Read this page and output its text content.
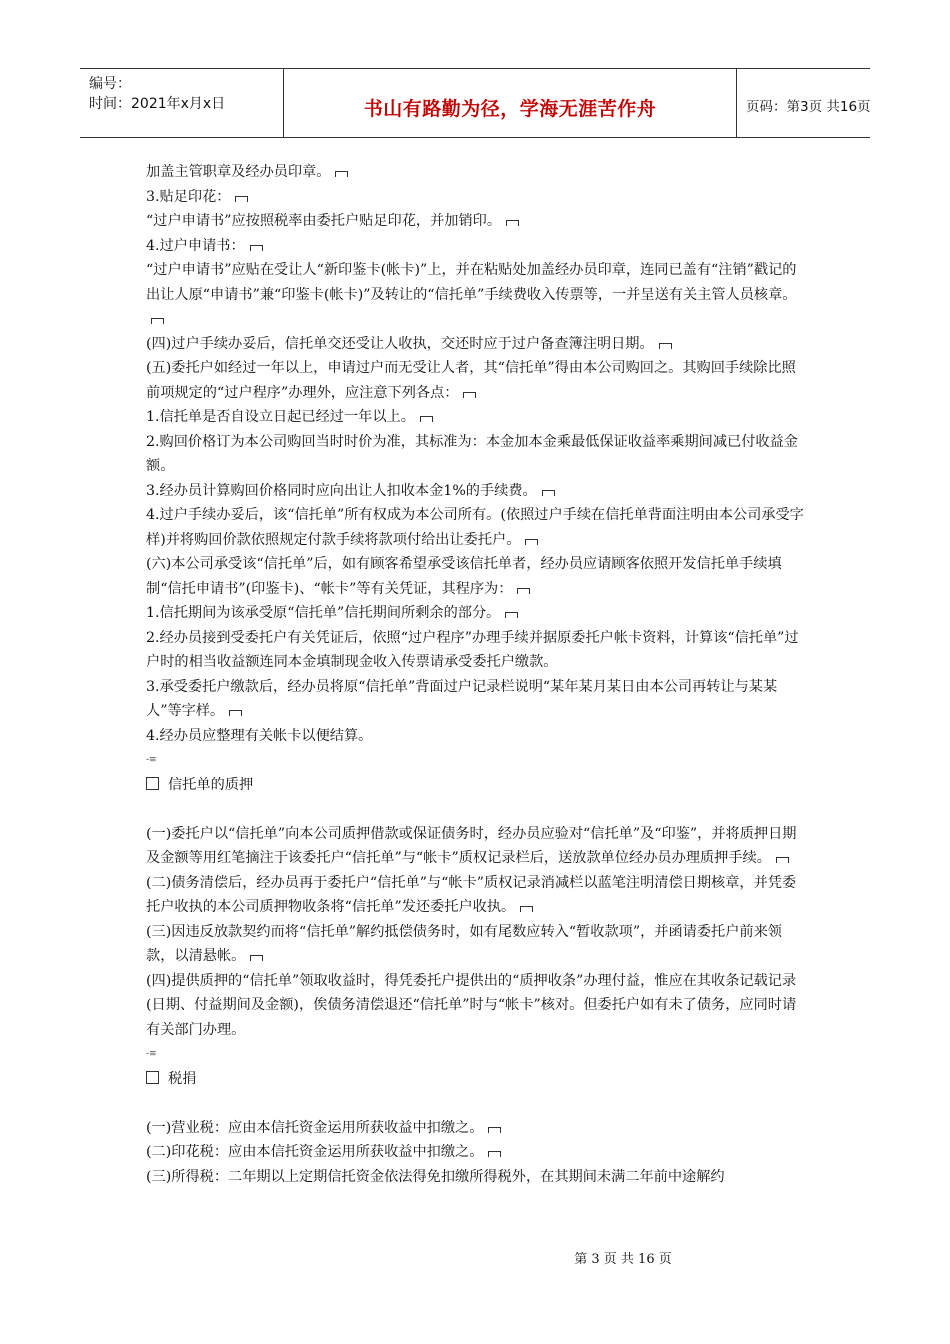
编号：
时间：2021年x月x日	书山有路勤为径，学海无涯苦作舟	页码：第3页 共16页

加盖主管职章及经办员印章。

3.贴足印花：

“过户申请书”应按照税率由委托户贴足印花，并加销印。

4.过户申请书：

“过户申请书”应贴在受让人“新印鉴卡(帐卡)”上，并在粘贴处加盖经办员印章，连同已盖有“注销”戳记的出让人原“申请书”兼“印鉴卡(帐卡)”及转让的“信托单”手续费收入传票等，一并呈送有关主管人员核章。

(四)过户手续办妥后，信托单交还受让人收执，交还时应于过户备查簿注明日期。

(五)委托户如经过一年以上，申请过户而无受让人者，其“信托单”得由本公司购回之。其购回手续除比照前项规定的“过户程序”办理外，应注意下列各点：

1.信托单是否自设立日起已经过一年以上。

2.购回价格订为本公司购回当时时价为准，其标准为：本金加本金乘最低保证收益率乘期间减已付收益金额。

3.经办员计算购回价格同时应向出让人扣收本金1%的手续费。

4.过户手续办妥后，该“信托单”所有权成为本公司所有。(依照过户手续在信托单背面注明由本公司承受字样)并将购回价款依照规定付款手续将款项付给出让委托户。

(六)本公司承受该“信托单”后，如有顾客希望承受该信托单者，经办员应请顾客依照开发信托单手续填制“信托申请书”(印鉴卡)、“帐卡”等有关凭证，其程序为：

1.信托期间为该承受原“信托单”信托期间所剩余的部分。

2.经办员接到受委托户有关凭证后，依照“过户程序”办理手续并据原委托户帐卡资料，计算该“信托单”过户时的相当收益额连同本金填制现金收入传票请承受委托户缴款。

3.承受委托户缴款后，经办员将原“信托单”背面过户记录栏说明“某年某月某日由本公司再转让与某某人”等字样。

4.经办员应整理有关帐卡以便结算。

-≡

信托单的质押

(一)委托户以“信托单”向本公司质押借款或保证债务时，经办员应验对“信托单”及“印鉴”，并将质押日期及金额等用红笔摘注于该委托户“信托单”与“帐卡”质权记录栏后，送放款单位经办员办理质押手续。

(二)债务清偿后，经办员再于委托户“信托单”与“帐卡”质权记录消减栏以蓝笔注明清偿日期核章，并凭委托户收执的本公司质押物收条将“信托单”发还委托户收执。

(三)因违反放款契约而将“信托单”解约抵偿债务时，如有尾数应转入“暂收款项”，并函请委托户前来领款，以清悬帐。

(四)提供质押的“信托单”领取收益时，得凭委托户提供出的“质押收条”办理付益，惟应在其收条记载记录(日期、付益期间及金额)，俟债务清偿退还“信托单”时与“帐卡”核对。但委托户如有未了债务，应同时请有关部门办理。

-≡

税捐

(一)营业税：应由本信托资金运用所获收益中扣缴之。

(二)印花税：应由本信托资金运用所获收益中扣缴之。

(三)所得税：二年期以上定期信托资金依法得免扣缴所得税外，在其期间未满二年前中途解约

第 3 页 共 16 页
